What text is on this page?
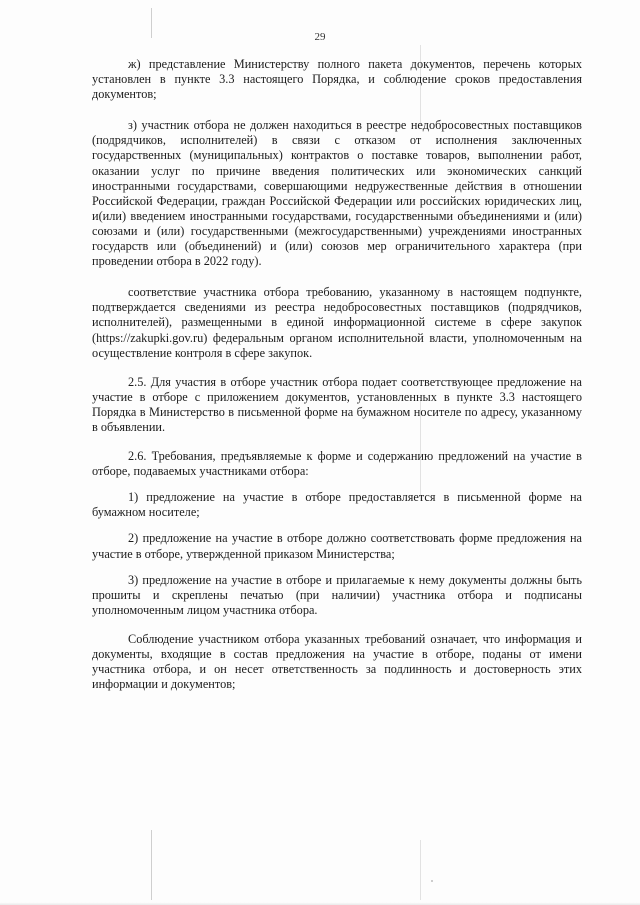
29

ж) представление Министерству полного пакета документов, перечень которых установлен в пункте 3.3 настоящего Порядка, и соблюдение сроков предоставления документов;

з) участник отбора не должен находиться в реестре недобросовестных поставщиков (подрядчиков, исполнителей) в связи с отказом от исполнения заключенных государственных (муниципальных) контрактов о поставке товаров, выполнении работ, оказании услуг по причине введения политических или экономических санкций иностранными государствами, совершающими недружественные действия в отношении Российской Федерации, граждан Российской Федерации или российских юридических лиц, и(или) введением иностранными государствами, государственными объединениями и (или) союзами и (или) государственными (межгосударственными) учреждениями иностранных государств или (объединений) и (или) союзов мер ограничительного характера (при проведении отбора в 2022 году).

соответствие участника отбора требованию, указанному в настоящем подпункте, подтверждается сведениями из реестра недобросовестных поставщиков (подрядчиков, исполнителей), размещенными в единой информационной системе в сфере закупок (https://zakupki.gov.ru) федеральным органом исполнительной власти, уполномоченным на осуществление контроля в сфере закупок.

2.5. Для участия в отборе участник отбора подает соответствующее предложение на участие в отборе с приложением документов, установленных в пункте 3.3 настоящего Порядка в Министерство в письменной форме на бумажном носителе по адресу, указанному в объявлении.

2.6. Требования, предъявляемые к форме и содержанию предложений на участие в отборе, подаваемых участниками отбора:

1) предложение на участие в отборе предоставляется в письменной форме на бумажном носителе;

2) предложение на участие в отборе должно соответствовать форме предложения на участие в отборе, утвержденной приказом Министерства;

3) предложение на участие в отборе и прилагаемые к нему документы должны быть прошиты и скреплены печатью (при наличии) участника отбора и подписаны уполномоченным лицом участника отбора.

Соблюдение участником отбора указанных требований означает, что информация и документы, входящие в состав предложения на участие в отборе, поданы от имени участника отбора, и он несет ответственность за подлинность и достоверность этих информации и документов;
